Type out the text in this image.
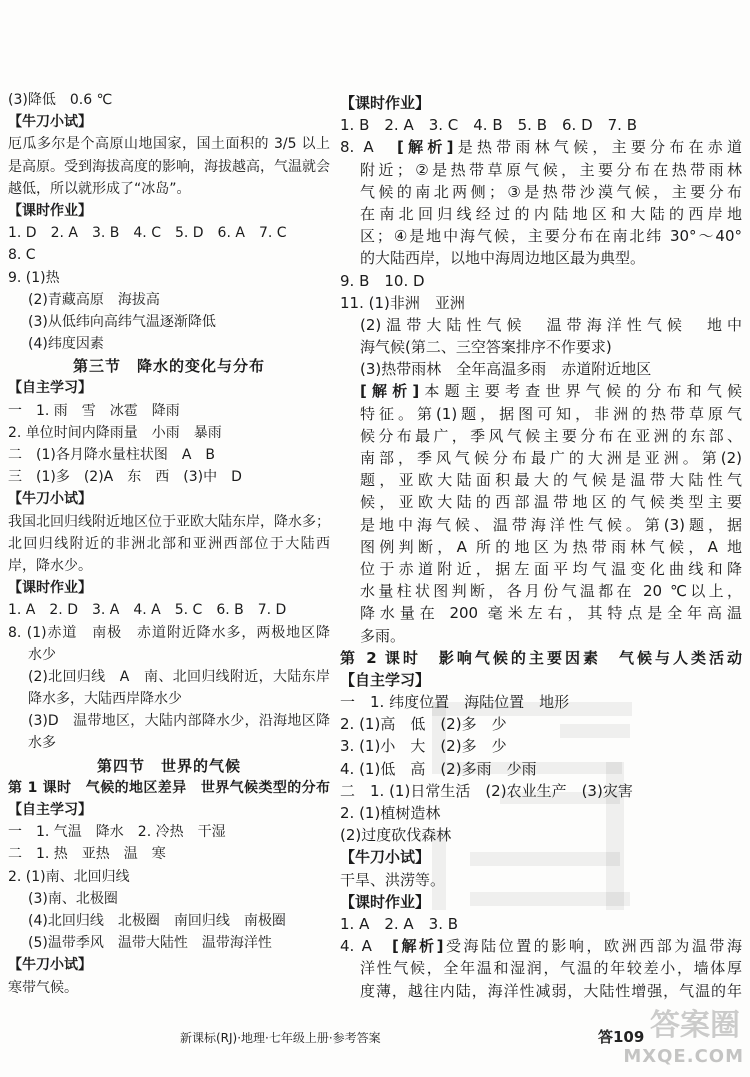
(3)降低　0.6 ℃
【牛刀小试】
厄瓜多尔是个高原山地国家，国土面积的 3/5 以上
是高原。受到海拔高度的影响，海拔越高，气温就会
越低，所以就形成了“冰岛”。
【课时作业】
1. D　2. A　3. B　4. C　5. D　6. A　7. C
8. C
9. (1)热
(2)青藏高原　海拔高
(3)从低纬向高纬气温逐渐降低
(4)纬度因素
第三节　降水的变化与分布
【自主学习】
一　1. 雨　雪　冰雹　降雨
2. 单位时间内降雨量　小雨　暴雨
二　(1)各月降水量柱状图　A　B
三　(1)多　(2)A　东　西　(3)中　D
【牛刀小试】
我国北回归线附近地区位于亚欧大陆东岸，降水多；
北回归线附近的非洲北部和亚洲西部位于大陆西
岸，降水少。
【课时作业】
1. A　2. D　3. A　4. A　5. C　6. B　7. D
8. (1)赤道　南极　赤道附近降水多，两极地区降
水少
(2)北回归线　A　南、北回归线附近，大陆东岸
降水多，大陆西岸降水少
(3)D　温带地区，大陆内部降水少，沿海地区降
水多
第四节　世界的气候
第 1 课时　气候的地区差异　世界气候类型的分布
【自主学习】
一　1. 气温　降水　2. 冷热　干湿
二　1. 热　亚热　温　寒
2. (1)南、北回归线
(3)南、北极圈
(4)北回归线　北极圈　南回归线　南极圈
(5)温带季风　温带大陆性　温带海洋性
【牛刀小试】
寒带气候。
【课时作业】
1. B　2. A　3. C　4. B　5. B　6. D　7. B
8. A　[解析]是热带雨林气候，主要分布在赤道
附近；②是热带草原气候，主要分布在热带雨林
气候的南北两侧；③是热带沙漠气候，主要分布
在南北回归线经过的内陆地区和大陆的西岸地
区；④是地中海气候，主要分布在南北纬 30°～40°
的大陆西岸，以地中海周边地区最为典型。
9. B　10. D
11. (1)非洲　亚洲
(2)温带大陆性气候　温带海洋性气候　地中
海气候(第二、三空答案排序不作要求)
(3)热带雨林　全年高温多雨　赤道附近地区
[解析]本题主要考查世界气候的分布和气候
特征。第(1)题，据图可知，非洲的热带草原气
候分布最广，季风气候主要分布在亚洲的东部、
南部，季风气候分布最广的大洲是亚洲。第(2)
题，亚欧大陆面积最大的气候是温带大陆性气
候，亚欧大陆的西部温带地区的气候类型主要
是地中海气候、温带海洋性气候。第(3)题，据
图例判断，A 所的地区为热带雨林气候，A 地
位于赤道附近，据左面平均气温变化曲线和降
水量柱状图判断，各月份气温都在 20 ℃以上，
降水量在 200 毫米左右，其特点是全年高温
多雨。
第 2 课时　影响气候的主要因素　气候与人类活动
【自主学习】
一　1. 纬度位置　海陆位置　地形
2. (1)高　低　(2)多　少
3. (1)小　大　(2)多　少
4. (1)低　高　(2)多雨　少雨
二　1. (1)日常生活　(2)农业生产　(3)灾害
2. (1)植树造林
(2)过度砍伐森林
【牛刀小试】
干旱、洪涝等。
【课时作业】
1. A　2. A　3. B
4. A　[解析]受海陆位置的影响，欧洲西部为温带海
洋性气候，全年温和湿润，气温的年较差小，墙体厚
度薄，越往内陆，海洋性减弱，大陆性增强，气温的年
新课标(RJ)·地理·七年级上册·参考答案	答109 答案圈
MXQE.COM
